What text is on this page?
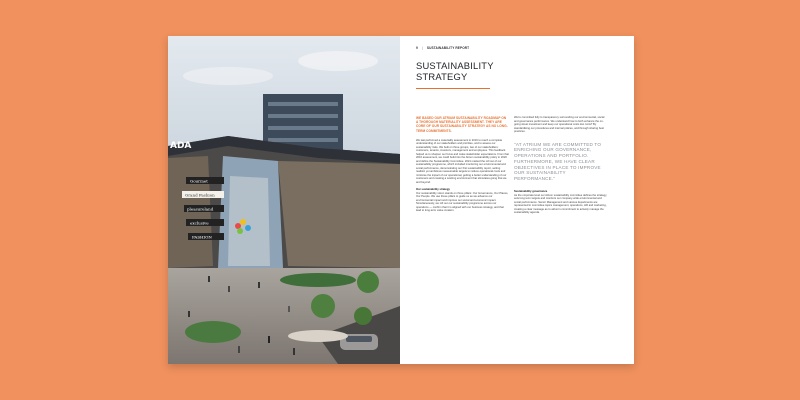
Gourmet
Grand Fashion
pleasureland
exclusive
FASHION
ADA
9 | SUSTAINABILITY REPORT
SUSTAINABILITY STRATEGY
WE BASED OUR ATRIUM SUSTAINABILITY ROADMAP ON A THOROUGH MATERIALITY ASSESSMENT. THEY ARE CORE OF OUR SUSTAINABILITY STRATEGY AS NO LONG-TERM COMMITMENTS.

We last performed a materiality assessment in 2016 to reach a complete understanding of our stakeholders and priorities, and to assess our sustainability risks. We built on three groups, two of our stakeholders: customers, tenants, investors, management and employees. This feedback helped us to sharpen our focus and make stakeholder expectations. From that 2016 assessment, we could build into the Atrium sustainability policy in 2020 and define the Sustainability Committee. 2021 marked the roll out of our sustainability programme, which included monitoring our environmental and social performance, demonstrating our first sustainability report, setting realistic yet ambitious measureable targets to reduce operational costs and minimise the impact of our operational, getting a better understanding of our customers and creating a working environment that stimulates going that we and beyond.

Our sustainability strategy

Our sustainability vision stands on three pillars: Our Governance, Our Places, Our People. We use these pillars to guide us as we advance our environmental impact and improve our social and economic impact. Simultaneously, we roll out our sustainability programme across our operations — confirm that it is aligned with our business strategy, and that lead to long-term value creation.

We're committed fully to transparency surrounding our environmental, social and governance performance. We understand how to both enhance the on-going street investment and keep our operational costs low. How? By standardising our procedures and internal polices, and through sharing best practices.

"AT ATRIUM WE ARE COMMITTED TO ENRICHING OUR GOVERNANCE, OPERATIONS AND PORTFOLIO. FURTHERMORE, WE HAVE CLEAR OBJECTIVES IN PLACE TO IMPROVE OUR SUSTAINABILITY PERFORMANCE."

Sustainability governance

As the corporate level our Atrium sustainability committee defines the strategy, sets long term targets and monitors our company-wide environmental and social performance. Senior Management and various departments are represented in committee topics management, operations, HR and marketing, creating a clear message as to atrium's commitment to actively manage the sustainability agenda.
